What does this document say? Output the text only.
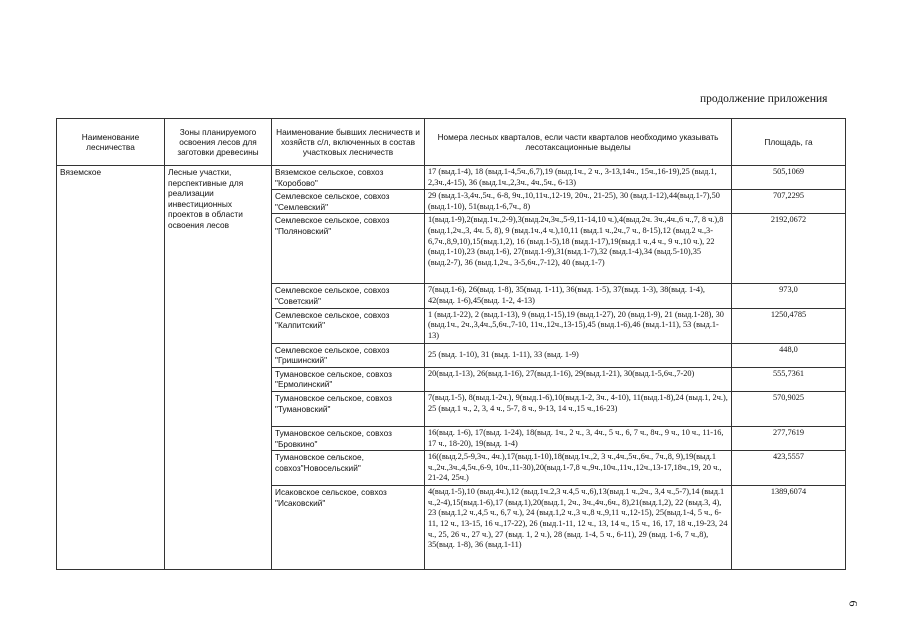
продолжение приложения
Наименование лесничества	Зоны планируемого освоения лесов для заготовки древесины	Наименование бывших лесничеств и хозяйств с/л, включенных в состав участковых лесничеств	Номера лесных кварталов, если части кварталов необходимо указывать лесотаксационные выделы	Площадь, га
Вяземское	Лесные участки, перспективные для реализации инвестиционных проектов в области освоения лесов	Вяземское сельское, совхоз "Коробово"	17 (выд.1-4), 18 (выд.1-4,5ч.,6,7),19 (выд.1ч., 2 ч., 3-13,14ч., 15ч.,16-19),25 (выд.1, 2,3ч.,4-15), 36 (выд.1ч.,2,3ч., 4ч.,5ч., 6-13)	505,1069
		Семлевское сельское, совхоз "Семлевский"	29 (выд.1-3,4ч.,5ч., 6-8, 9ч.,10,11ч.,12-19, 20ч., 21-25), 30 (выд.1-12),44(выд.1-7),50 (выд.1-10), 51(выд.1-6,7ч., 8)	707,2295
		Семлевское сельское, совхоз "Поляновский"	1(выд.1-9),2(выд.1ч.,2-9),3(выд.2ч,3ч.,5-9,11-14,10 ч.),4(выд.2ч. 3ч.,4ч.,6 ч.,7, 8 ч.),8 (выд.1,2ч.,3, 4ч. 5, 8), 9 (выд.1ч.,4 ч.),10,11 (выд.1 ч.,2ч.,7 ч., 8-15),12 (выд.2 ч.,3-6,7ч.,8,9,10),15(выд.1,2), 16 (выд.1-5),18 (выд.1-17),19(выд.1 ч.,4 ч., 9 ч.,10 ч.), 22 (выд.1-10),23 (выд.1-6), 27(выд.1-9),31(выд.1-7),32 (выд.1-4),34 (выд.5-10),35 (выд.2-7), 36 (выд.1,2ч., 3-5,6ч.,7-12), 40 (выд.1-7)	2192,0672
		Семлевское сельское, совхоз "Советский"	7(выд.1-6), 26(выд. 1-8), 35(выд. 1-11), 36(выд. 1-5), 37(выд. 1-3), 38(выд. 1-4), 42(выд. 1-6),45(выд. 1-2, 4-13)	973,0
		Семлевское сельское, совхоз "Калпитский"	1 (выд.1-22), 2 (выд.1-13), 9 (выд.1-15),19 (выд.1-27), 20 (выд.1-9), 21 (выд.1-28), 30 (выд.1ч., 2ч.,3,4ч.,5,6ч.,7-10, 11ч.,12ч.,13-15),45 (выд.1-6),46 (выд.1-11), 53 (выд.1-13)	1250,4785
		Семлевское сельское, совхоз "Гришинский"	25 (выд. 1-10), 31 (выд. 1-11), 33 (выд. 1-9)	448,0
		Тумановское сельское, совхоз "Ермолинский"	20(выд.1-13), 26(выд.1-16), 27(выд.1-16), 29(выд.1-21), 30(выд.1-5,6ч.,7-20)	555,7361
		Тумановское сельское, совхоз "Тумановский"	7(выд.1-5), 8(выд.1-2ч.), 9(выд.1-6),10(выд.1-2, 3ч., 4-10), 11(выд.1-8),24 (выд.1, 2ч.), 25 (выд.1 ч., 2, 3, 4 ч., 5-7, 8 ч., 9-13, 14 ч.,15 ч.,16-23)	570,9025
		Тумановское сельское, совхоз "Бровкино"	16(выд. 1-6), 17(выд. 1-24), 18(выд. 1ч., 2 ч., 3, 4ч., 5 ч., 6, 7 ч., 8ч., 9 ч., 10 ч., 11-16, 17 ч., 18-20), 19(выд. 1-4)	277,7619
		Тумановское сельское, совхоз"Новосельский"	16((выд.2,5-9,3ч., 4ч.),17(выд.1-10),18(выд.1ч.,2, 3 ч.,4ч.,5ч.,6ч., 7ч.,8, 9),19(выд.1 ч.,2ч.,3ч.,4,5ч.,6-9, 10ч.,11-30),20(выд.1-7,8 ч.,9ч.,10ч.,11ч.,12ч.,13-17,18ч.,19, 20 ч., 21-24, 25ч.)	423,5557
		Исаковское сельское, совхоз "Исаковский"	4(выд.1-5),10 (выд.4ч.),12 (выд.1ч.2,3 ч.4,5 ч.,6),13(выд.1 ч.,2ч., 3,4 ч.,5-7),14 (выд.1 ч.,2-4),15(выд.1-6),17 (выд.1),20(выд.1, 2ч., 3ч.,4ч.,6ч., 8),21(выд.1,2), 22 (выд.3, 4), 23 (выд.1,2 ч.,4,5 ч., 6,7 ч.), 24 (выд.1,2 ч.,3 ч.,8 ч.,9,11 ч.,12-15), 25(выд.1-4, 5 ч., 6-11, 12 ч., 13-15, 16 ч.,17-22), 26 (выд.1-11, 12 ч., 13, 14 ч., 15 ч., 16, 17, 18 ч.,19-23, 24 ч., 25, 26 ч., 27 ч.), 27 (выд. 1, 2 ч.), 28 (выд. 1-4, 5 ч., 6-11), 29 (выд. 1-6, 7 ч.,8), 35(выд. 1-8), 36 (выд.1-11)	1389,6074
6
